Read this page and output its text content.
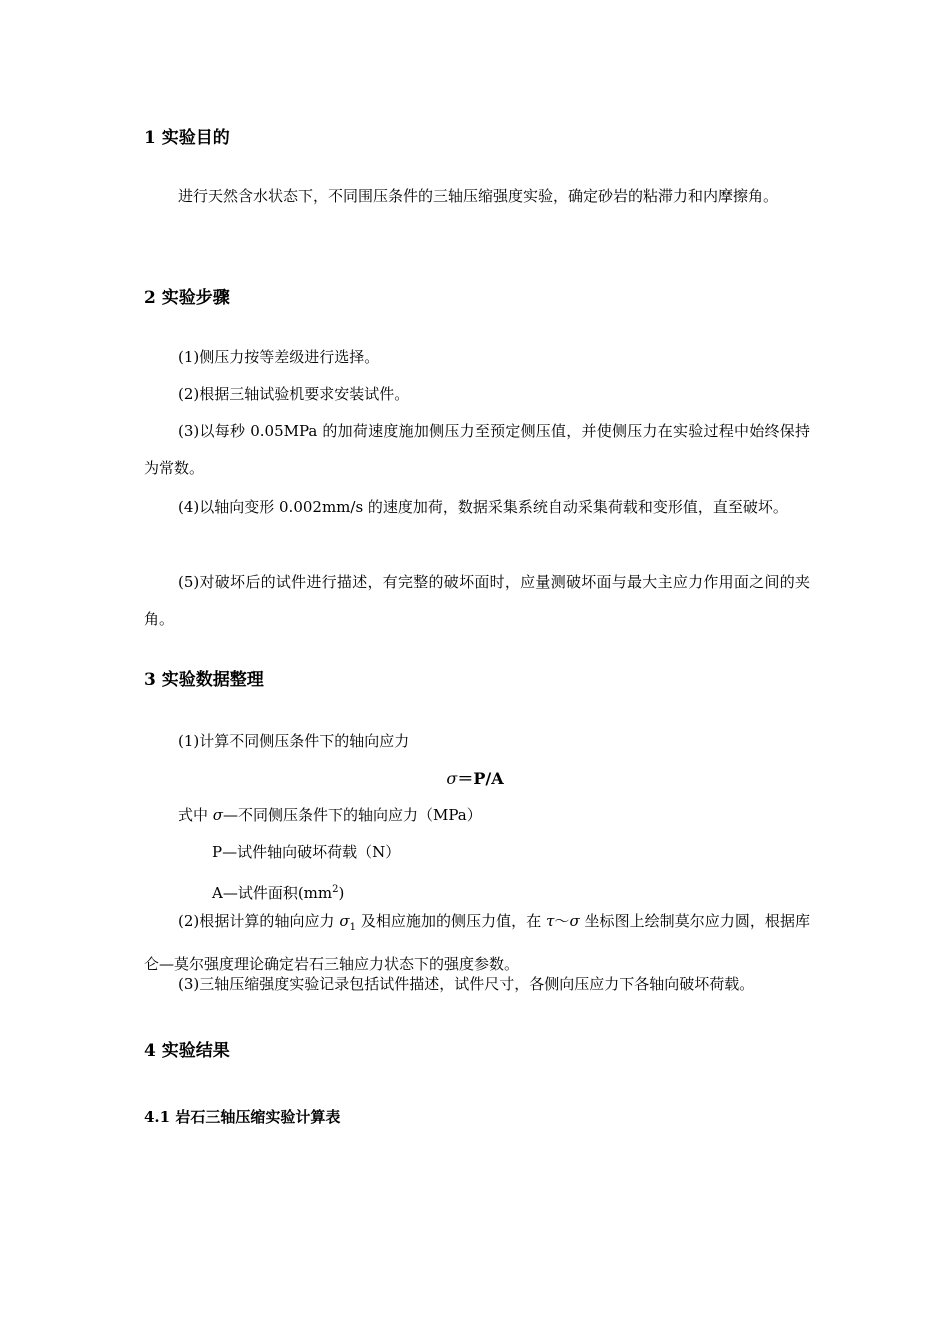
1 实验目的
进行天然含水状态下，不同围压条件的三轴压缩强度实验，确定砂岩的粘滞力和内摩擦角。
2 实验步骤
(1)侧压力按等差级进行选择。
(2)根据三轴试验机要求安装试件。
(3)以每秒 0.05MPa 的加荷速度施加侧压力至预定侧压值，并使侧压力在实验过程中始终保持为常数。
(4)以轴向变形 0.002mm/s 的速度加荷，数据采集系统自动采集荷载和变形值，直至破坏。
(5)对破坏后的试件进行描述，有完整的破坏面时，应量测破坏面与最大主应力作用面之间的夹角。
3 实验数据整理
(1)计算不同侧压条件下的轴向应力
σ＝P/A
式中 σ—不同侧压条件下的轴向应力（MPa）
P—试件轴向破坏荷载（N）
A—试件面积$(mm^2)$
(2)根据计算的轴向应力 $\sigma_1$ 及相应施加的侧压力值，在 τ～σ 坐标图上绘制莫尔应力圆，根据库仑—莫尔强度理论确定岩石三轴应力状态下的强度参数。
(3)三轴压缩强度实验记录包括试件描述，试件尺寸，各侧向压应力下各轴向破坏荷载。
4 实验结果
4.1 岩石三轴压缩实验计算表
